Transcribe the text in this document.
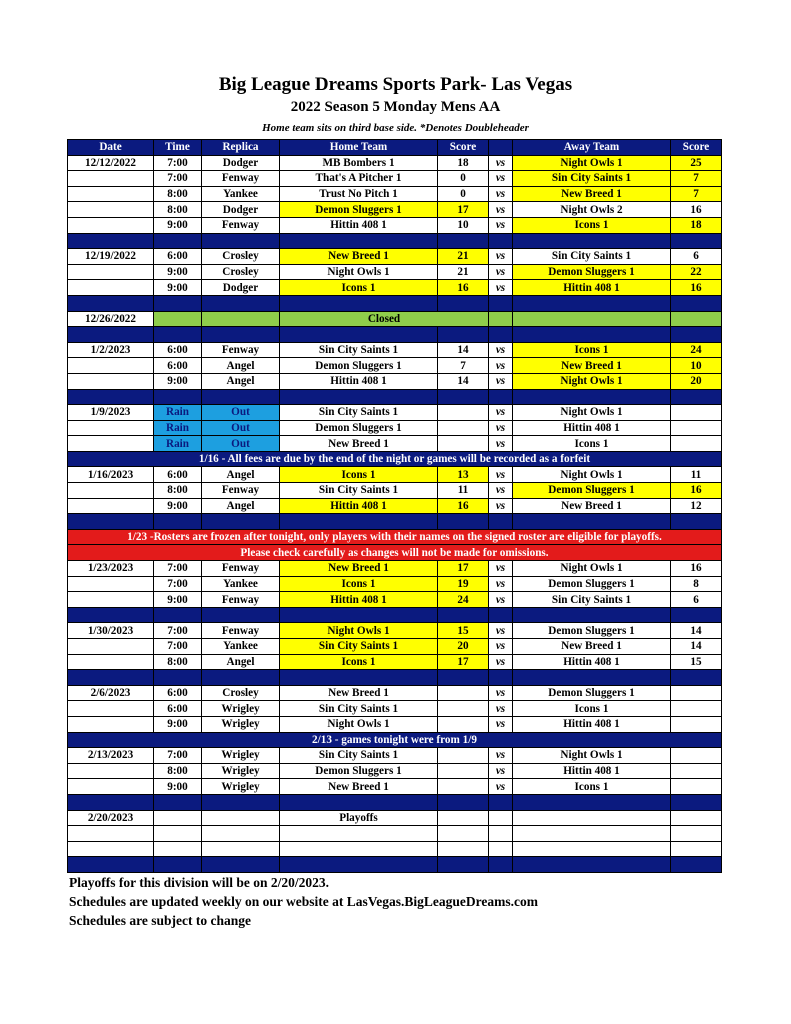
Big League Dreams Sports Park- Las Vegas
2022 Season 5 Monday Mens AA
Home team sits on third base side. *Denotes Doubleheader
Date	Time	Replica	Home Team	Score		Away Team	Score
12/12/2022	7:00	Dodger	MB Bombers 1	18	vs	Night Owls 1	25
	7:00	Fenway	That's A Pitcher 1	0	vs	Sin City Saints 1	7
	8:00	Yankee	Trust No Pitch 1	0	vs	New Breed 1	7
	8:00	Dodger	Demon Sluggers 1	17	vs	Night Owls 2	16
	9:00	Fenway	Hittin 408 1	10	vs	Icons 1	18

12/19/2022	6:00	Crosley	New Breed 1	21	vs	Sin City Saints 1	6
	9:00	Crosley	Night Owls 1	21	vs	Demon Sluggers 1	22
	9:00	Dodger	Icons 1	16	vs	Hittin 408 1	16

12/26/2022			Closed				

1/2/2023	6:00	Fenway	Sin City Saints 1	14	vs	Icons 1	24
	6:00	Angel	Demon Sluggers 1	7	vs	New Breed 1	10
	9:00	Angel	Hittin 408 1	14	vs	Night Owls 1	20

1/9/2023	Rain	Out	Sin City Saints 1		vs	Night Owls 1	
	Rain	Out	Demon Sluggers 1		vs	Hittin 408 1	
	Rain	Out	New Breed 1		vs	Icons 1	
1/16 - All fees are due by the end of the night or games will be recorded as a forfeit							
1/16/2023	6:00	Angel	Icons 1	13	vs	Night Owls 1	11
	8:00	Fenway	Sin City Saints 1	11	vs	Demon Sluggers 1	16
	9:00	Angel	Hittin 408 1	16	vs	New Breed 1	12

1/23 -Rosters are frozen after tonight, only players with their names on the signed roster are eligible for playoffs.							
Please check carefully as changes will not be made for omissions.							
1/23/2023	7:00	Fenway	New Breed 1	17	vs	Night Owls 1	16
	7:00	Yankee	Icons 1	19	vs	Demon Sluggers 1	8
	9:00	Fenway	Hittin 408 1	24	vs	Sin City Saints 1	6

1/30/2023	7:00	Fenway	Night Owls 1	15	vs	Demon Sluggers 1	14
	7:00	Yankee	Sin City Saints 1	20	vs	New Breed 1	14
	8:00	Angel	Icons 1	17	vs	Hittin 408 1	15

2/6/2023	6:00	Crosley	New Breed 1		vs	Demon Sluggers 1	
	6:00	Wrigley	Sin City Saints 1		vs	Icons 1	
	9:00	Wrigley	Night Owls 1		vs	Hittin 408 1	
2/13 - games tonight were from 1/9							
2/13/2023	7:00	Wrigley	Sin City Saints 1		vs	Night Owls 1	
	8:00	Wrigley	Demon Sluggers 1		vs	Hittin 408 1	
	9:00	Wrigley	New Breed 1		vs	Icons 1	

2/20/2023			Playoffs				

Playoffs for this division will be on 2/20/2023.
Schedules are updated weekly on our website at LasVegas.BigLeagueDreams.com
Schedules are subject to change
